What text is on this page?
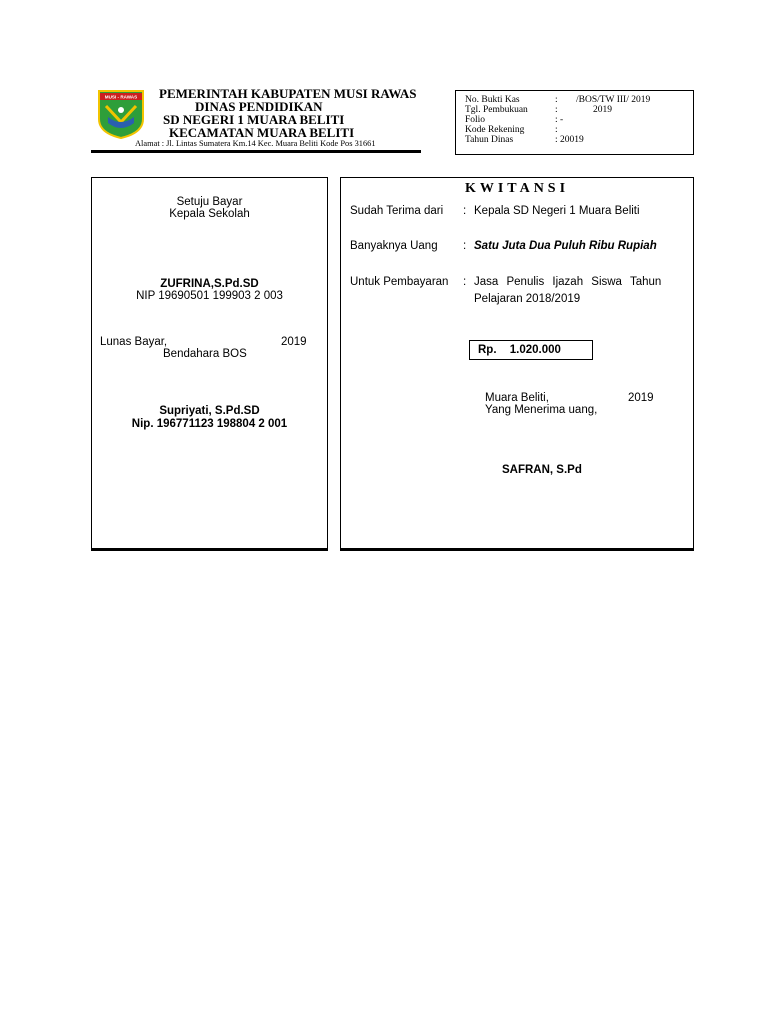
MUSI - RAWAS PEMERINTAH KABUPATEN MUSI RAWAS
DINAS PENDIDIKAN
SD NEGERI 1 MUARA BELITI
KECAMATAN MUARA BELITI
Alamat : Jl. Lintas Sumatera Km.14 Kec. Muara Beliti Kode Pos 31661
No. Bukti Kas	: /BOS/TW III/ 2019
Tgl. Pembukuan	:	2019
Folio	: -
Kode Rekening	:
Tahun Dinas	: 20019
Setuju Bayar
Kepala Sekolah
ZUFRINA,S.Pd.SD
NIP 19690501 199903 2 003
Lunas Bayar,	2019
Bendahara BOS
Supriyati, S.Pd.SD
Nip. 196771123 198804 2 001
KWITANSI
Sudah Terima dari : Kepala SD Negeri 1 Muara Beliti
Banyaknya Uang : Satu Juta Dua Puluh Ribu Rupiah
Untuk Pembayaran : Jasa Penulis Ijazah Siswa Tahun
Pelajaran 2018/2019
Rp. 1.020.000
Muara Beliti,	2019
Yang Menerima uang,
SAFRAN, S.Pd
